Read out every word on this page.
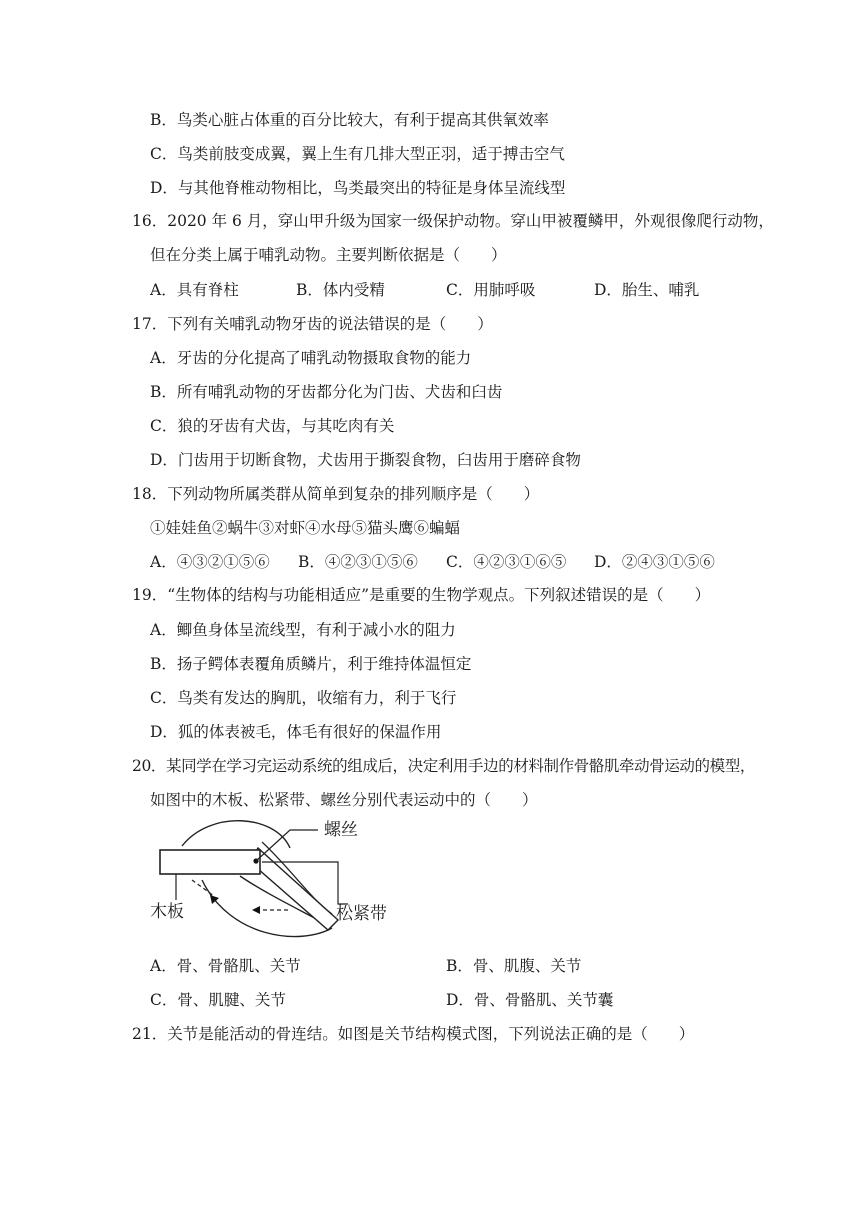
B．鸟类心脏占体重的百分比较大，有利于提高其供氧效率
C．鸟类前肢变成翼，翼上生有几排大型正羽，适于搏击空气
D．与其他脊椎动物相比，鸟类最突出的特征是身体呈流线型
16．2020 年 6 月，穿山甲升级为国家一级保护动物。穿山甲被覆鳞甲，外观很像爬行动物，
但在分类上属于哺乳动物。主要判断依据是（　　）
A．具有脊柱	B．体内受精	C．用肺呼吸	D．胎生、哺乳
17．下列有关哺乳动物牙齿的说法错误的是（　　）
A．牙齿的分化提高了哺乳动物摄取食物的能力
B．所有哺乳动物的牙齿都分化为门齿、犬齿和臼齿
C．狼的牙齿有犬齿，与其吃肉有关
D．门齿用于切断食物，犬齿用于撕裂食物，臼齿用于磨碎食物
18．下列动物所属类群从简单到复杂的排列顺序是（　　）
①娃娃鱼②蜗牛③对虾④水母⑤猫头鹰⑥蝙蝠
A．④③②①⑤⑥ B．④②③①⑤⑥ C．④②③①⑥⑤ D．②④③①⑤⑥
19．“生物体的结构与功能相适应”是重要的生物学观点。下列叙述错误的是（　　）
A．鲫鱼身体呈流线型，有利于减小水的阻力
B．扬子鳄体表覆角质鳞片，利于维持体温恒定
C．鸟类有发达的胸肌，收缩有力，利于飞行
D．狐的体表被毛，体毛有很好的保温作用
20．某同学在学习完运动系统的组成后，决定利用手边的材料制作骨骼肌牵动骨运动的模型，
如图中的木板、松紧带、螺丝分别代表运动中的（　　）
螺丝
木板	松紧带
A．骨、骨骼肌、关节	B．骨、肌腹、关节
C．骨、肌腱、关节	D．骨、骨骼肌、关节囊
21．关节是能活动的骨连结。如图是关节结构模式图，下列说法正确的是（　　）
